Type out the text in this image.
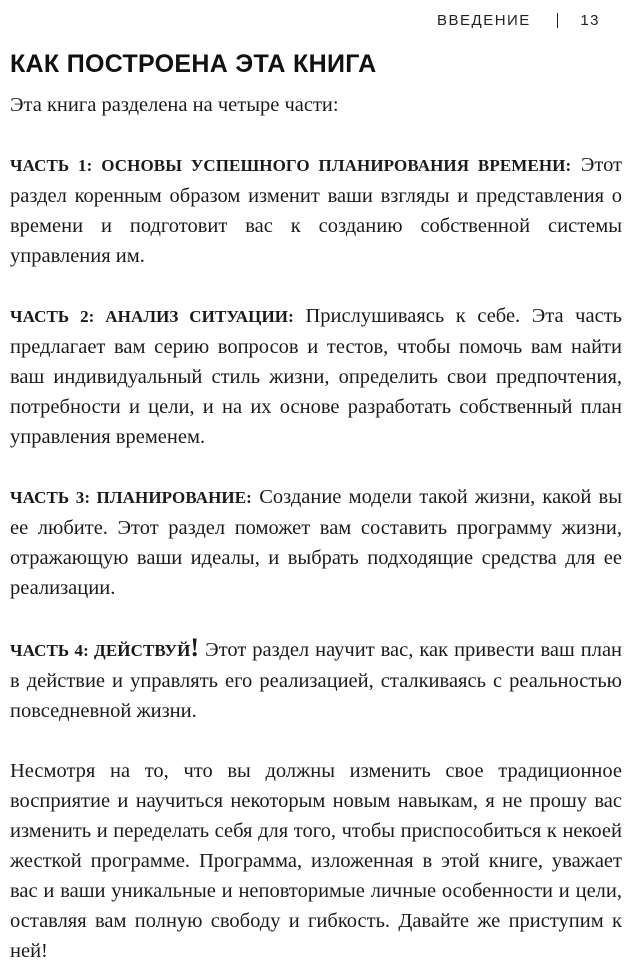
ВВЕДЕНИЕ	13
КАК ПОСТРОЕНА ЭТА КНИГА

Эта книга разделена на четыре части:

ЧАСТЬ 1: ОСНОВЫ УСПЕШНОГО ПЛАНИРОВАНИЯ ВРЕМЕНИ: Этот раздел коренным образом изменит ваши взгляды и представления о времени и подготовит вас к созданию собственной системы управления им.

ЧАСТЬ 2: АНАЛИЗ СИТУАЦИИ: Прислушиваясь к себе. Эта часть предлагает вам серию вопросов и тестов, чтобы помочь вам найти ваш индивидуальный стиль жизни, определить свои предпочтения, потребности и цели, и на их основе разработать собственный план управления временем.

ЧАСТЬ 3: ПЛАНИРОВАНИЕ: Создание модели такой жизни, какой вы ее любите. Этот раздел поможет вам составить программу жизни, отражающую ваши идеалы, и выбрать подходящие средства для ее реализации.

ЧАСТЬ 4: ДЕЙСТВУЙ! Этот раздел научит вас, как привести ваш план в действие и управлять его реализацией, сталкиваясь с реальностью повседневной жизни.

Несмотря на то, что вы должны изменить свое традиционное восприятие и научиться некоторым новым навыкам, я не прошу вас изменить и переделать себя для того, чтобы приспособиться к некоей жесткой программе. Программа, изложенная в этой книге, уважает вас и ваши уникальные и неповторимые личные особенности и цели, оставляя вам полную свободу и гибкость. Давайте же приступим к ней!
